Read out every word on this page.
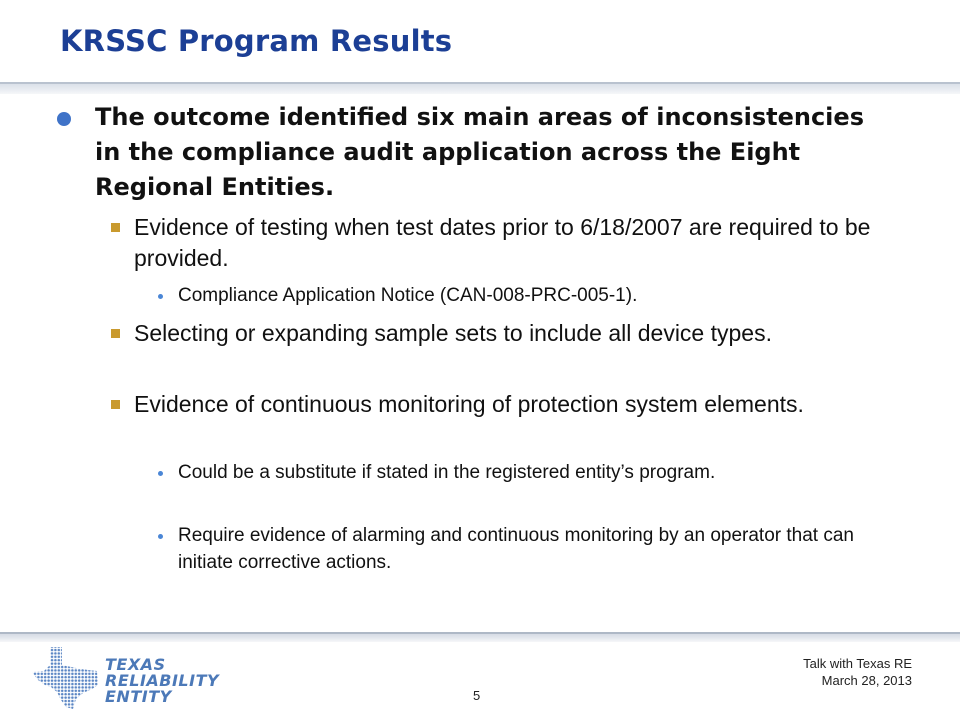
KRSSC Program Results
The outcome identified six main areas of inconsistencies in the compliance audit application across the Eight Regional Entities.
Evidence of testing when test dates prior to 6/18/2007 are required to be provided.
Compliance Application Notice (CAN-008-PRC-005-1).
Selecting or expanding sample sets to include all device types.
Evidence of continuous monitoring of protection system elements.
Could be a substitute if stated in the registered entity’s program.
Require evidence of alarming and continuous monitoring by an operator that can initiate corrective actions.
TEXAS
RELIABILITY
ENTITY	5
Talk with Texas RE
March 28, 2013
